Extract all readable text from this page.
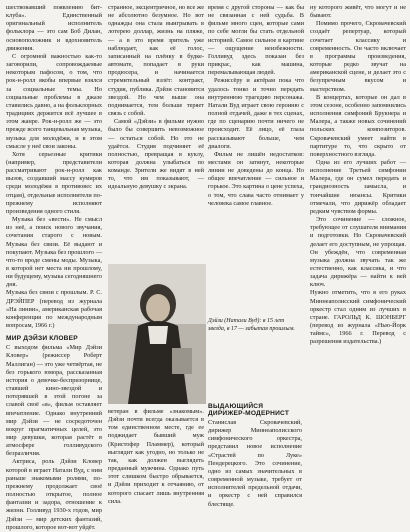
шествовавший появлению бит-клуба». Единственный оригинальный исполнитель фольклора — это сам Боб Дилан, основоположник и вдохновитель движения.

С огромной важностью как-то заговорили, сопровождаемые некоторым пафосом, о том, что рок-н-ролл якобы впервые взялся за социальные темы. Но социальные проблемы в джазе ставились давно, а на фольклорных традициях держится всё лучшее в этом жанре. Рок-н-ролл же — это прежде всего танцевальная музыка, музыка для молодёжи, и в этом смысле у неё свои законы.

Хотя серьезные критики (например, представители рассматривают рок-н-ролл как вызов, создавший массу кумиров среди молодёжи в противовес их отцам), отдельные исполнители по-прежнему исполняют произведения одного стиля.

Музыка без «вести». Не смысл из неё, а поиск нового звучания, сочетания старого с новым. Музыка без связи. Её выдают и покупают. Музыка без прошлого — что-то вроде смены моды. Музыка, в которой нет места ни прошлому, ни будущему, музыка сегодняшнего дня.

Музыка без связи с прошлым. Р. С. ДРЭЙПЕР (перевод из журнала «На линии», американская рабочая конференция по международным вопросам, 1966 г.)

МИР ДЭЙЗИ КЛОВЕР

С выходом фильма «Мир Дэйзи Кловер» (режиссер Роберт Маллиган) — это уже четвёртая, не без горького юмора, рассказанная история о девочке-беспризорнице, ставшей кино-звездой и потерявшей в этой погоне за славой своё «я», фильм оставляет впечатление. Однако внутренний мир Дэйзи — не сосредоточен вокруг прагматичных целей, это мир девушки, которая растёт в атмосфере голливудского безразличия.

Актриса, роль Дэйзи Кловер которой в играет Натали Вуд, с ним раньше знакомыми ролями, по-прежнему продолжает своё полностью открытое, полное фантазии и задора, отношение к жизни. Голливуд 1930-х годов, мир Дэйзи — мир детских фантазий, прошлого, которое вот-вот уйдёт.

странное, эксцентричное, но все же не абсолютно безумное. Но вот однажды она стала выигрывать в лотерею доллар, жизнь на пляже, — а в это время зритель уже наблюдает, как её голос, записанный на плёнку в будке-автомате, попадает в руки продюсера, и начинается стремительный взлёт: контракт, студия, публика. Дэйзи становится звездой. Но чем выше она поднимается, тем больше теряет связь с собой.

Самой «Дэйзи» в фильме нужно было бы совершить невозможное — остаться собой. Но это не удаётся. Студия подчиняет её полностью, превращая в куклу, которая должна улыбаться по команде. Зрители же видят в ней то, что им показывают, — идеальную девушку с экрана.

Дэйзи (Натали Вуд): в 15 лет звезда, в 17 — забытая прошлым.

ветеран в фильме «знакомым». Дэйзи почти всегда оказывается в том единственном месте, где ее поджидает бывший муж (Кристофер Пламмер), который выглядит как угодно, но только не так, как должен выглядеть преданный мужчина. Однако путь этот слишком быстро обрывается, и Дэйзи приходит к отчаянию, от которого спасает лишь внутренняя сила.

время с другой стороны — как бы не связанная с ней судьба. В фильме много сцен, которые сами по себе могли бы стать отдельной историей. Самое сильное в картине — ощущение неизбежности. Голливуд здесь показан без прикрас, как машина, перемалывающая людей.

Режиссёру и актёрам пока что удалось тонко и точно передать внутреннюю трагедию персонажа. Натали Вуд играет свою героиню с полной отдачей, даже в тех сценах, где по сценарию почти ничего не происходит. Её лицо, её глаза рассказывают больше, чем диалоги.

Фильм не лишён недостатков: местами он затянут, некоторые линии не доведены до конца. Но общее впечатление — сильное и горькое. Это картина о цене успеха, о том, что слава часто отнимает у человека самое главное.

ВЫДАЮЩИЙСЯ ДИРИЖЕР-МОДЕРНИСТ

Станислав Скровачевский, дирижер Миннеаполисского симфонического оркестра, представил новое исполнение «Страстей по Луке» Пендерецкого. Это сочинение, одно из самых значительных в современной музыке, требует от исполнителей предельной отдачи, и оркестр с ней справился блестяще.

ну которого живёт, что могут и не бывают.

Помимо прочего, Скровачевский создаёт репертуар, который сочетает классику и современность. Он часто включает в программы произведения, которые редко звучат на американской сцене, и делает это с безупречным вкусом и мастерством.

В концертах, которые он дал в этом сезоне, особенно запомнились исполнения симфоний Брукнера и Малера, а также новых сочинений польских композиторов. Скровачевский умеет найти в партитуре то, что скрыто от поверхностного взгляда.

Одна из его лучших работ — исполнение Третьей симфонии Малера, где он сумел передать и грандиозность замысла, и тончайшие нюансы. Критики отмечали, что дирижёр обладает редким чувством формы.

Это сочинение — сложное, требующее от слушателя внимания и подготовки. Но Скровачевский делает его доступным, не упрощая. Он убеждён, что современная музыка должна звучать так же естественно, как классика, и что задача дирижёра — найти к ней ключ.

Нужно отметить, что в его руках Миннеаполисский симфонический оркестр стал одним из лучших в стране. ГАРОЛЬД К. ШОНБЕРГ (перевод из журнала «Нью-Йорк таймс», 1966 г. Перевод с разрешения издательства.)
